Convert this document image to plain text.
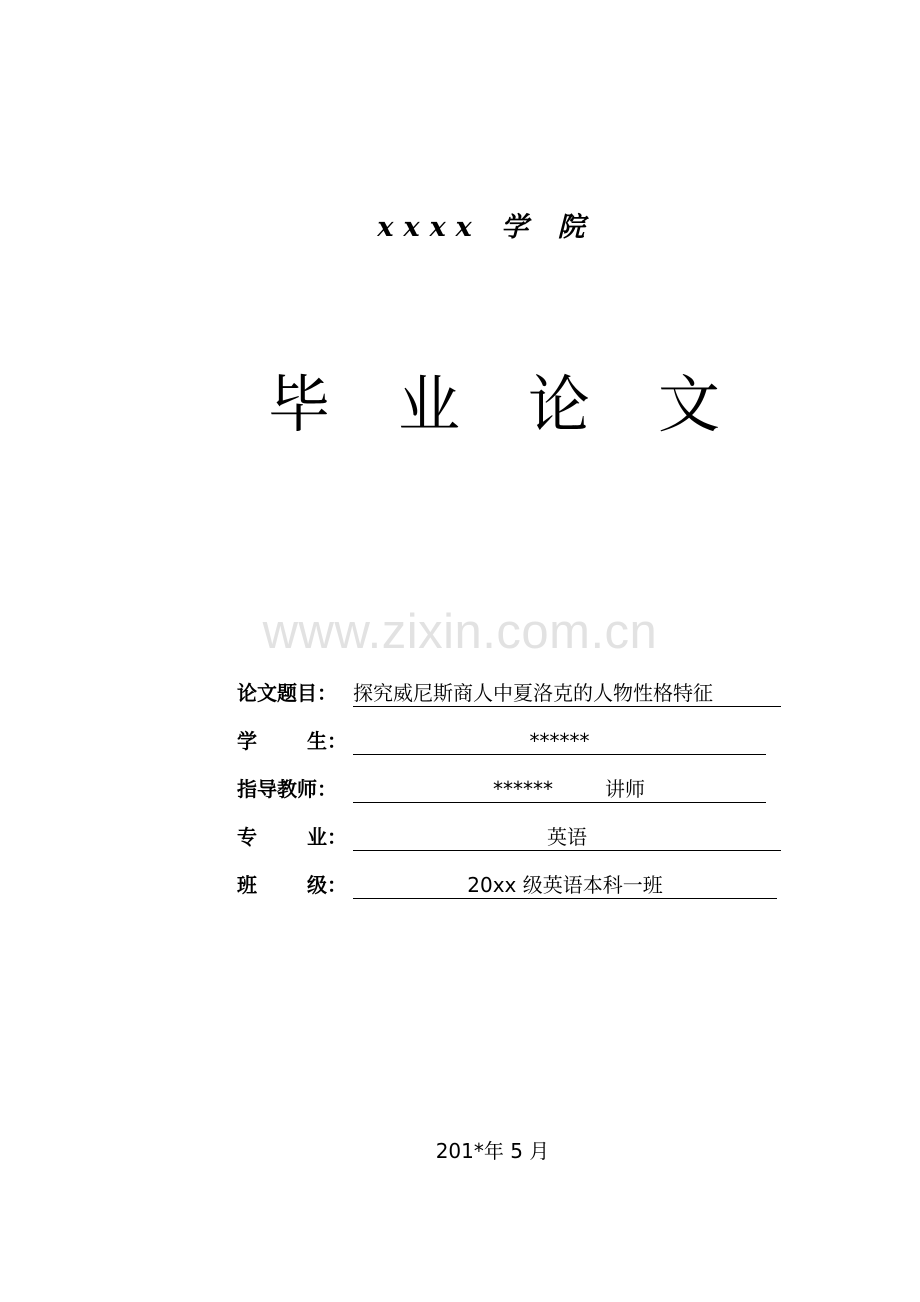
xxxx 学 院
毕 业 论 文
www.zixin.com.cn
论文题目： 探究威尼斯商人中夏洛克的人物性格特征
学	生：	******
指导教师：	******	讲师
专	业：	英语
班	级：	20xx 级英语本科一班
201*年 5 月
